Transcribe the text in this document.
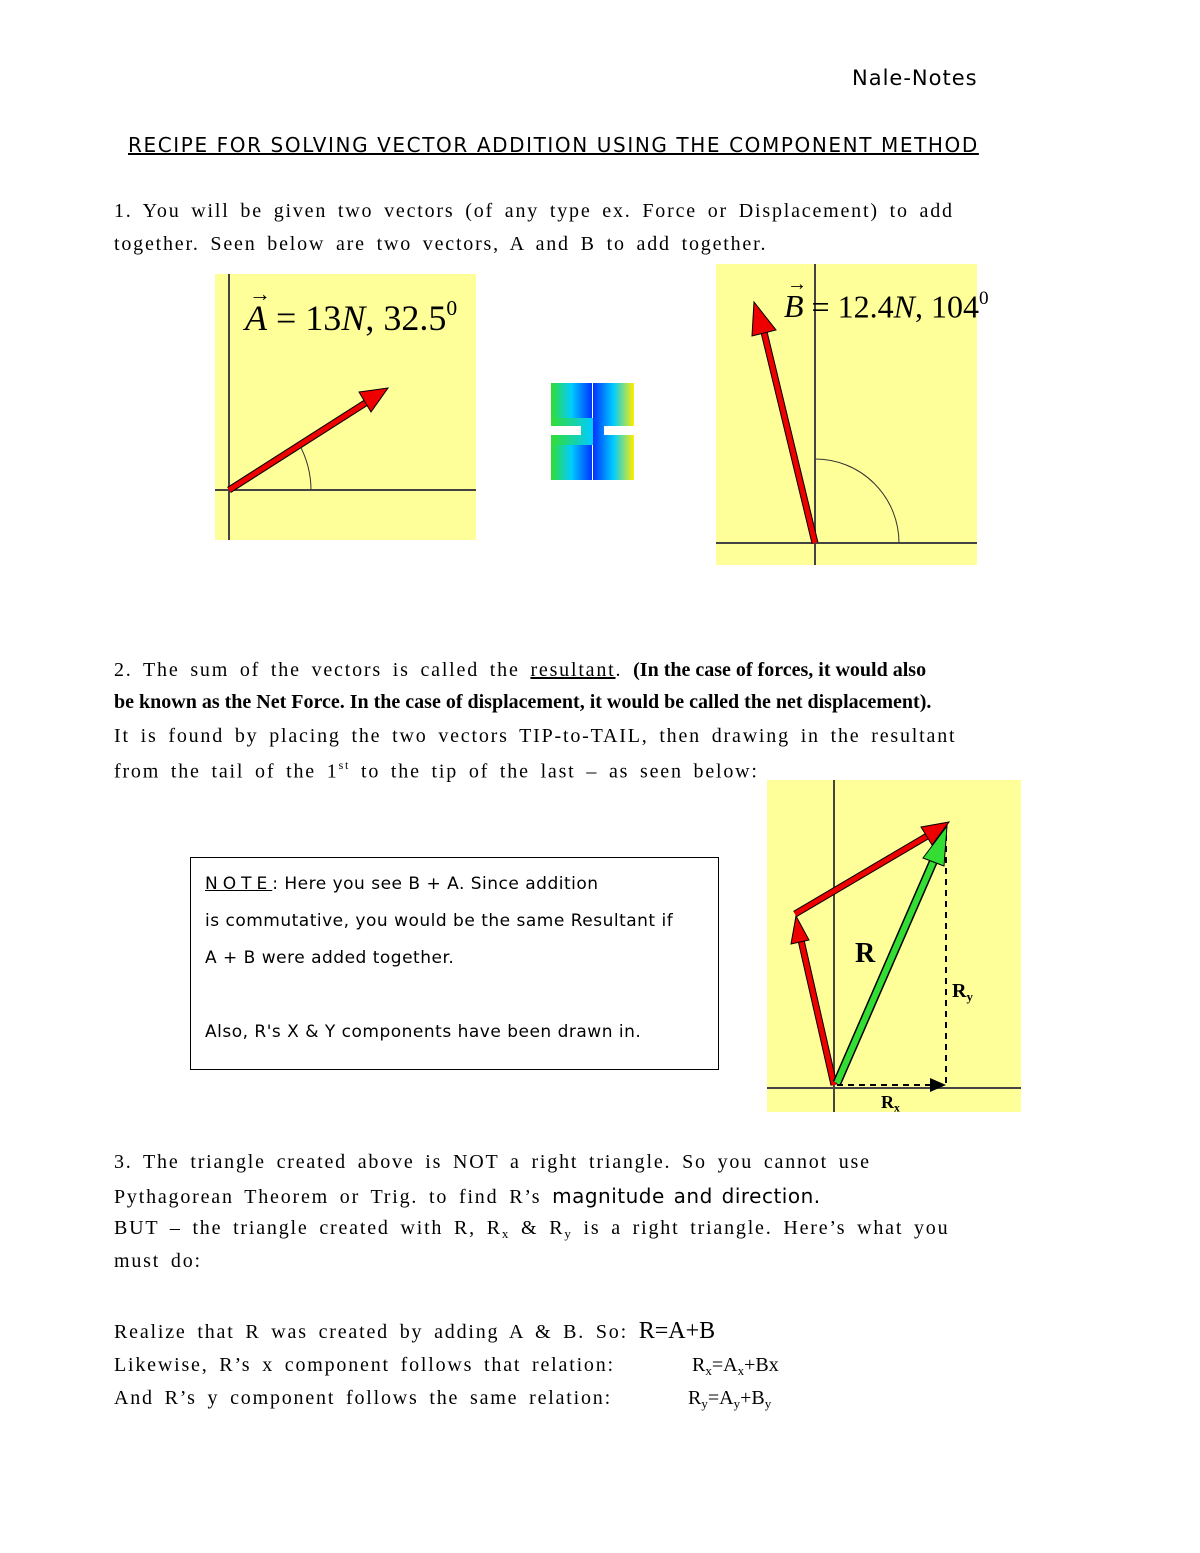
Nale-Notes
RECIPE FOR SOLVING VECTOR ADDITION USING THE COMPONENT METHOD
1. You will be given two vectors (of any type ex. Force or Displacement) to add
together. Seen below are two vectors, A and B to add together.
→
A = 13N, $32.5^0$
→
B = 12.4N, $104^0$
2. The sum of the vectors is called the resultant. (In the case of forces, it would also
be known as the Net Force. In the case of displacement, it would be called the net displacement).
It is found by placing the two vectors TIP-to-TAIL, then drawing in the resultant
from the tail of the 1st to the tip of the last – as seen below:
NOTE: Here you see B + A. Since addition
is commutative, you would be the same Resultant if
A + B were added together.
Also, R's X & Y components have been drawn in.
R
$R_y$
$R_x$
3. The triangle created above is NOT a right triangle. So you cannot use
Pythagorean Theorem or Trig. to find R’s magnitude and direction.
BUT – the triangle created with R, $R_x$ & $R_y$ is a right triangle. Here’s what you
must do:
Realize that R was created by adding A & B. So: R=A+B
Likewise, R’s x component follows that relation:	$R_x=A_x+Bx$
And R’s y component follows the same relation:	$R_y=A_y+B_y$
